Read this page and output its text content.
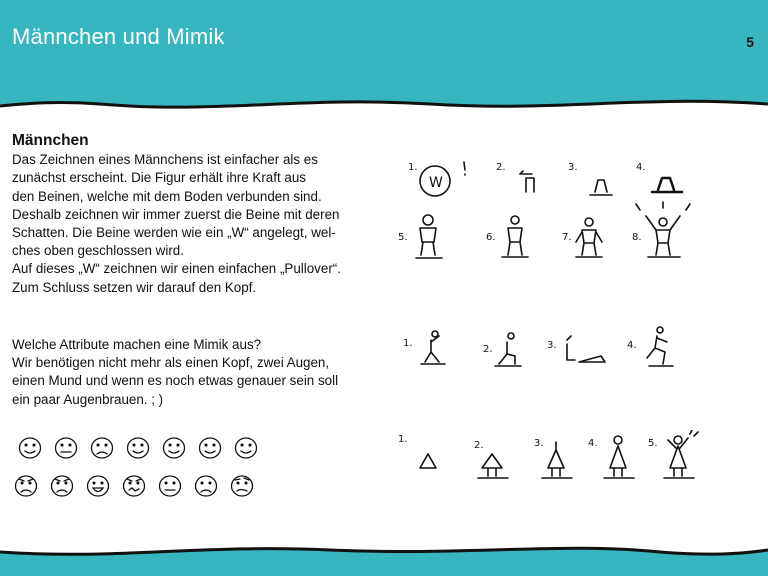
Männchen und Mimik	5
Männchen
Das Zeichnen eines Männchens ist einfacher als es
zunächst erscheint. Die Figur erhält ihre Kraft aus
den Beinen, welche mit dem Boden verbunden sind.
Deshalb zeichnen wir immer zuerst die Beine mit deren
Schatten. Die Beine werden wie ein „W“ angelegt, wel-
ches oben geschlossen wird.
Auf dieses „W“ zeichnen wir einen einfachen „Pullover“.
Zum Schluss setzen wir darauf den Kopf.
Welche Attribute machen eine Mimik aus?
Wir benötigen nicht mehr als einen Kopf, zwei Augen,
einen Mund und wenn es noch etwas genauer sein soll
ein paar Augenbrauen. ; )
1.
W
2.	3.	4.
5.	6.	7.	8.
1.
2.	3.	4.
1.
2.	3.	4.	5.
